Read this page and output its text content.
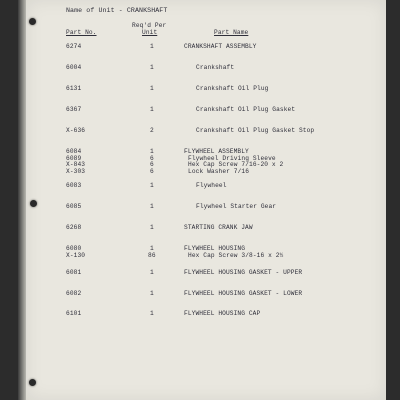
Name of Unit - CRANKSHAFT
Part No.
Req'd Per
Unit	Part Name
6274	1	CRANKSHAFT ASSEMBLY
6004	1	Crankshaft
6131	1	Crankshaft Oil Plug
6367	1	Crankshaft Oil Plug Gasket
X-636	2	Crankshaft Oil Plug Gasket Stop
6084	1	FLYWHEEL ASSEMBLY
6089	6	Flywheel Driving Sleeve
X-843	6	Hex Cap Screw 7/16-20 x 2
X-303	6	Lock Washer 7/16
6083	1	Flywheel
6085	1	Flywheel Starter Gear
6268	1	STARTING CRANK JAW
6080	1	FLYWHEEL HOUSING
X-130	86	Hex Cap Screw 3/8-16 x 2½
6081	1	FLYWHEEL HOUSING GASKET - UPPER
6082	1	FLYWHEEL HOUSING GASKET - LOWER
6101	1	FLYWHEEL HOUSING CAP
